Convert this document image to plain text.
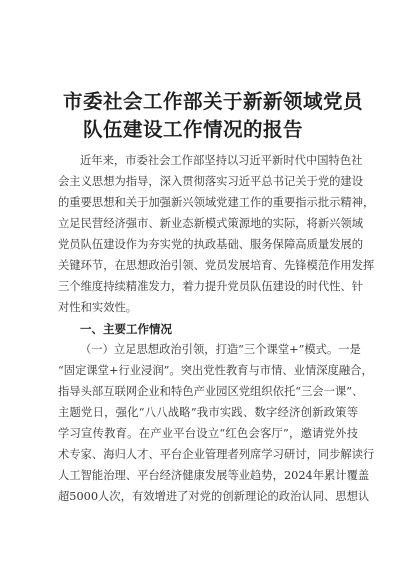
市委社会工作部关于新新领域党员
队伍建设工作情况的报告
近年来，市委社会工作部坚持以习近平新时代中国特色社
会主义思想为指导，深入贯彻落实习近平总书记关于党的建设
的重要思想和关于加强新兴领域党建工作的重要指示批示精神，
立足民营经济强市、新业态新模式策源地的实际，将新兴领域
党员队伍建设作为夯实党的执政基础、服务保障高质量发展的
关键环节，在思想政治引领、党员发展培育、先锋模范作用发挥
三个维度持续精准发力，着力提升党员队伍建设的时代性、针
对性和实效性。
一、主要工作情况
（一）立足思想政治引领，打造“三个课堂+”模式。一是
“固定课堂+行业浸润”。突出党性教育与市情、业情深度融合，
指导头部互联网企业和特色产业园区党组织依托“三会一课”、
主题党日，强化“八八战略”我市实践、数字经济创新政策等
学习宣传教育。在产业平台设立“红色会客厅”，邀请党外技
术专家、海归人才、平台企业管理者列席学习研讨，同步解读行
人工智能治理、平台经济健康发展等业趋势，2024年累计覆盖
超5000人次，有效增进了对党的创新理论的政治认同、思想认
